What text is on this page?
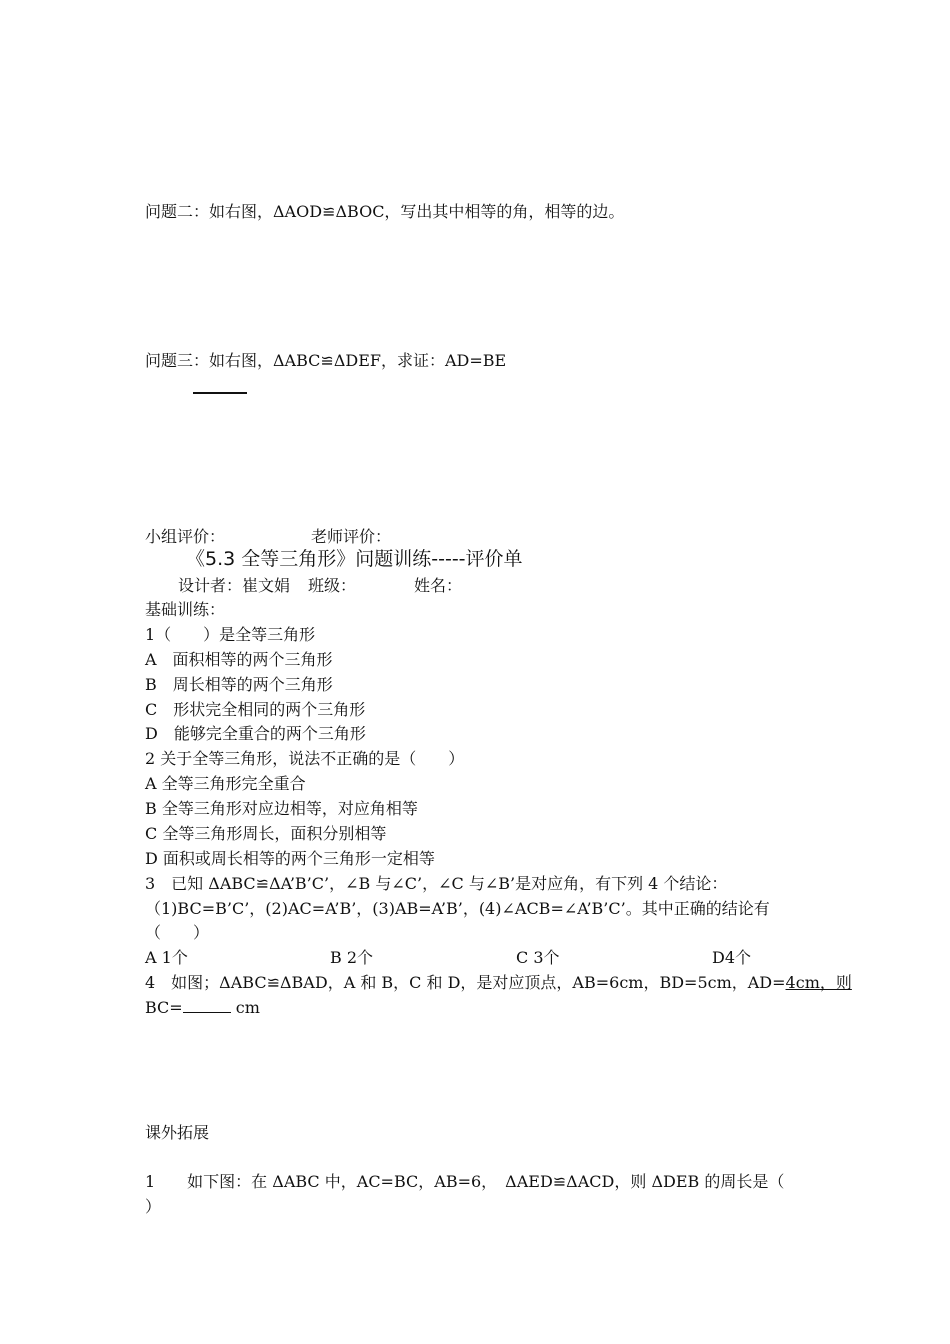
问题二：如右图，ΔAOD≌ΔBOC，写出其中相等的角，相等的边。
问题三：如右图，ΔABC≌ΔDEF，求证：AD=BE
小组评价：	老师评价：
《5.3 全等三角形》问题训练-----评价单
设计者：崔文娟 班级：	姓名：
基础训练：
1（　　）是全等三角形
A　面积相等的两个三角形
B　周长相等的两个三角形
C　形状完全相同的两个三角形
D　能够完全重合的两个三角形
2 关于全等三角形，说法不正确的是（　　）
A 全等三角形完全重合
B 全等三角形对应边相等，对应角相等
C 全等三角形周长，面积分别相等
D 面积或周长相等的两个三角形一定相等
3　已知 ΔABC≌ΔA’B’C’，∠B 与∠C’，∠C 与∠B’是对应角，有下列 4 个结论：
（1)BC=B’C’，(2)AC=A’B’，(3)AB=A’B’，(4)∠ACB=∠A’B’C’。其中正确的结论有
（　　）
A 1个	B 2个	C 3个	D4个
4　如图；ΔABC≌ΔBAD，A 和 B，C 和 D，是对应顶点，AB=6cm，BD=5cm，AD=4cm，则
BC=	cm
课外拓展
1　　如下图：在 ΔABC 中，AC=BC，AB=6，　ΔAED≌ΔACD，则 ΔDEB 的周长是（
）
